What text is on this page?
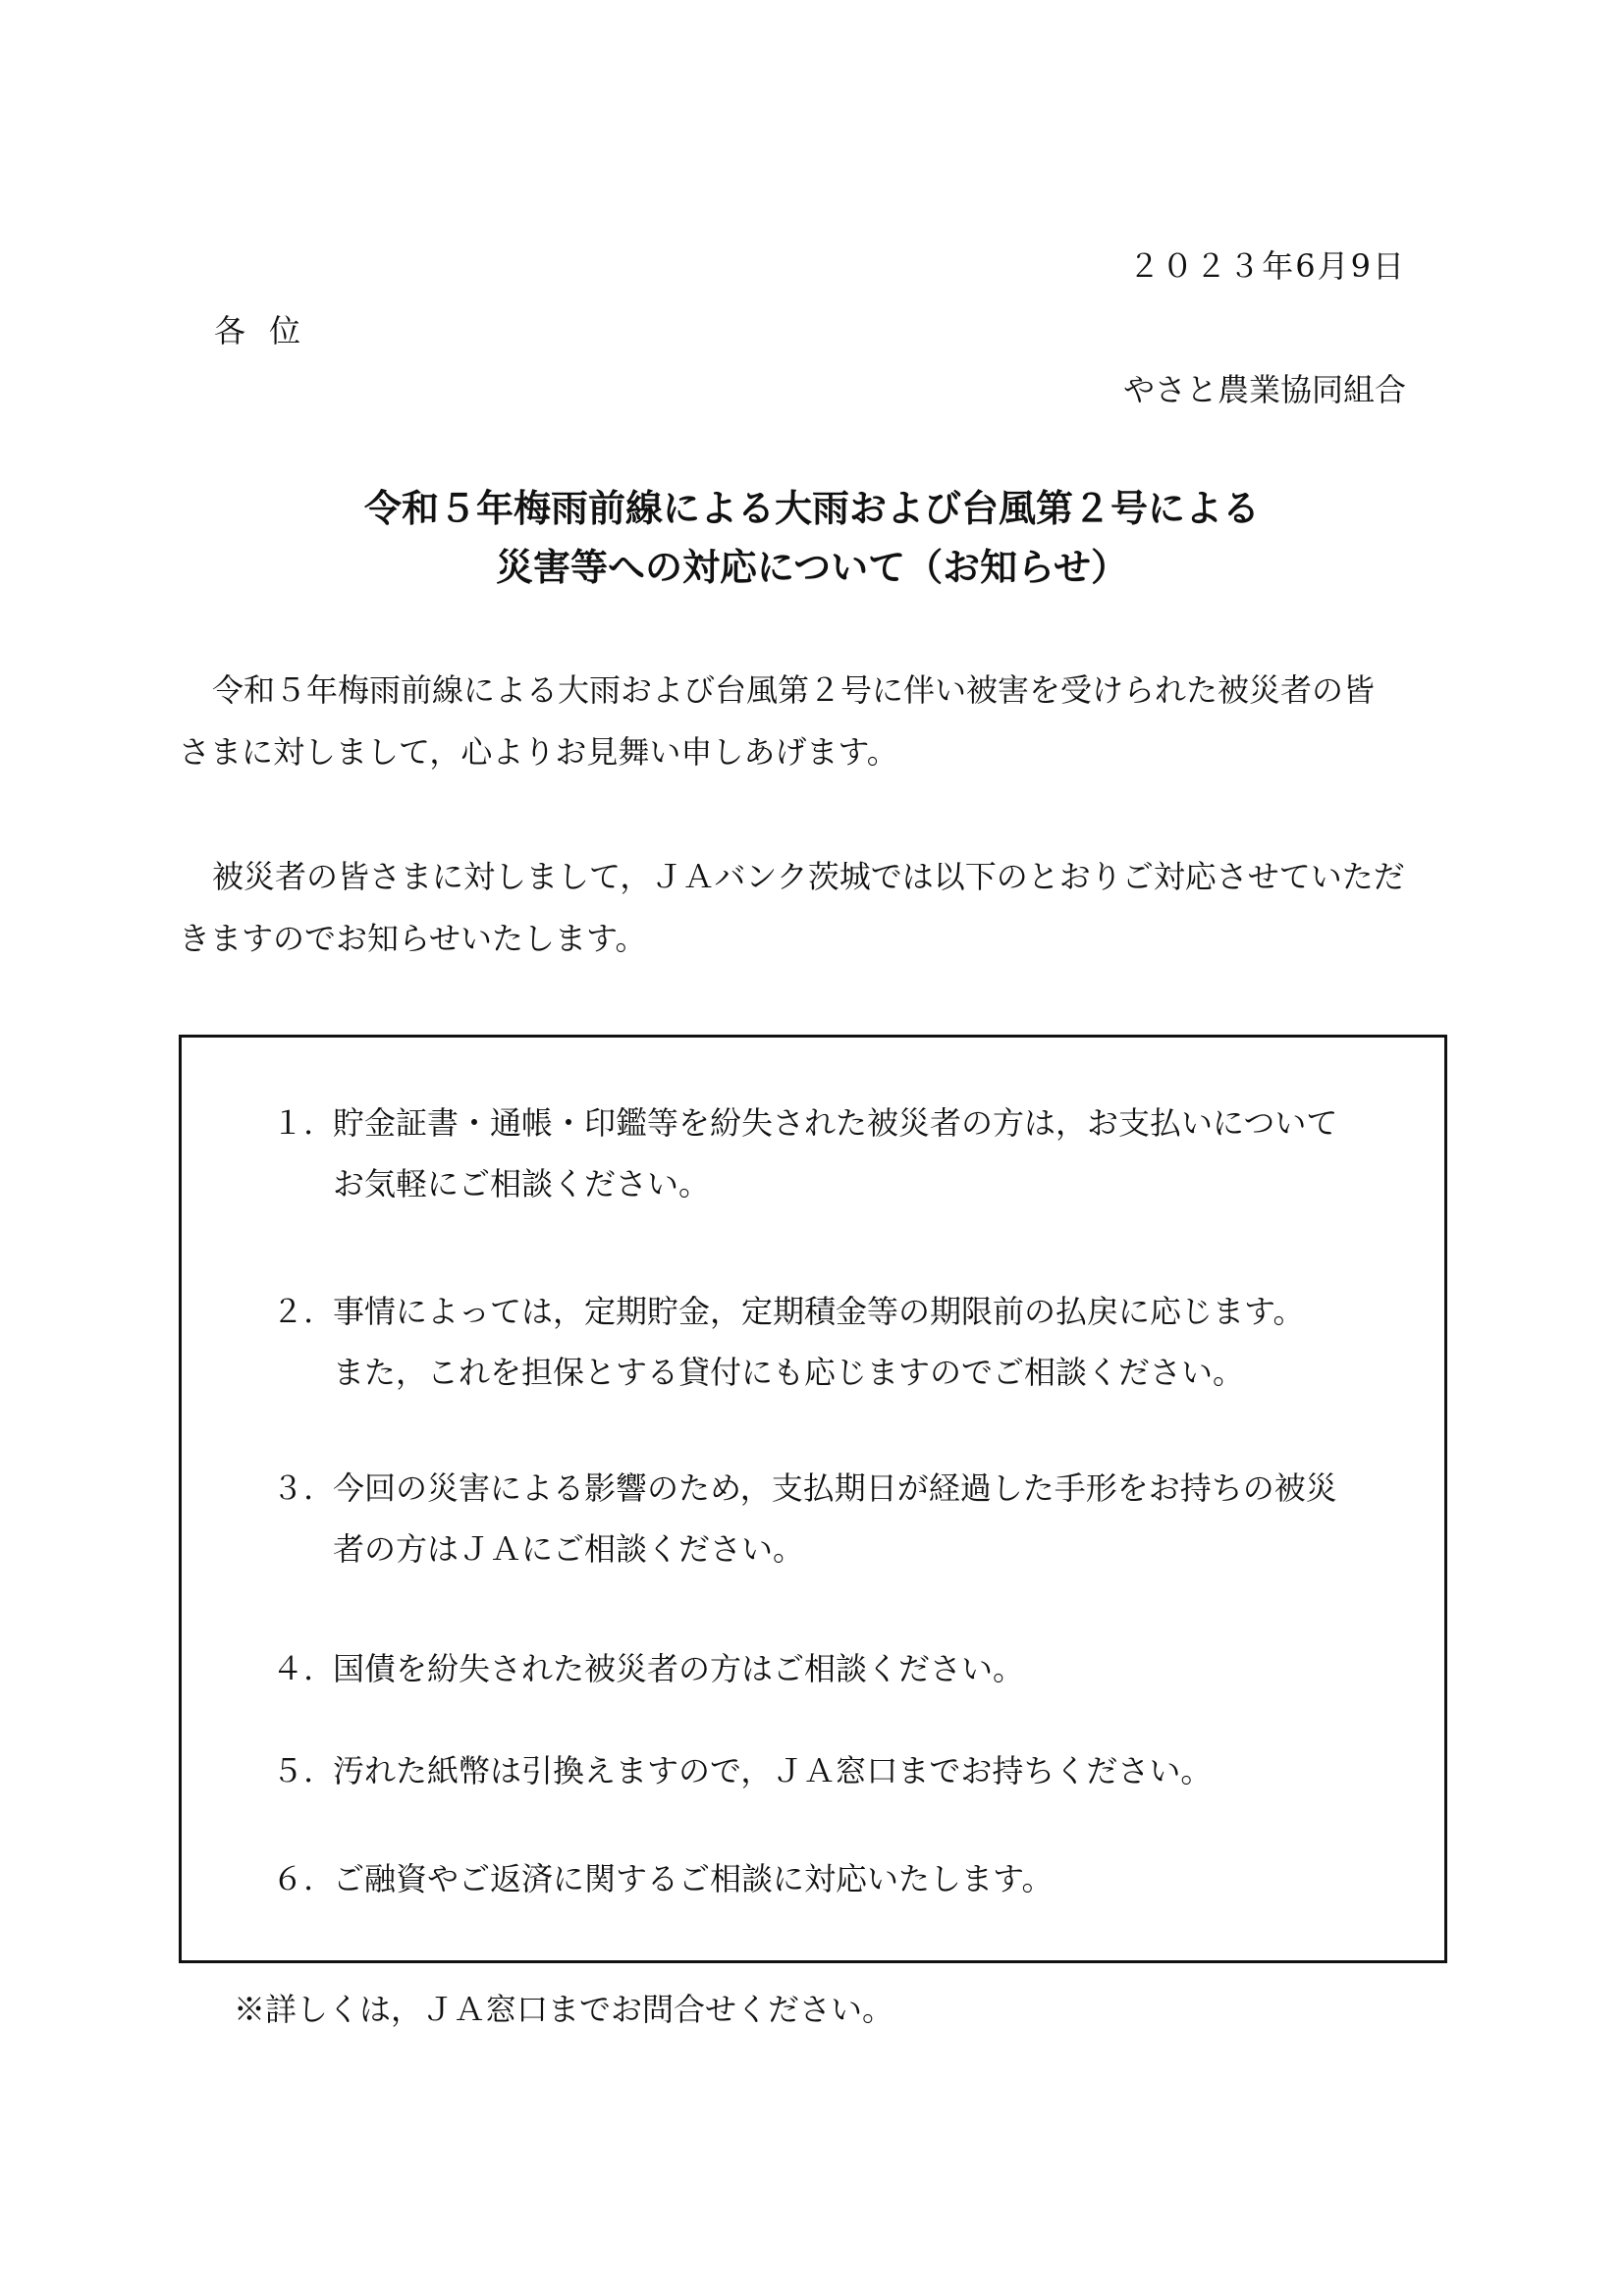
２０２３年6月9日
各位
やさと農業協同組合
令和５年梅雨前線による大雨および台風第２号による
災害等への対応について（お知らせ）
令和５年梅雨前線による大雨および台風第２号に伴い被害を受けられた被災者の皆
さまに対しまして，心よりお見舞い申しあげます。
被災者の皆さまに対しまして，ＪＡバンク茨城では以下のとおりご対応させていただ
きますのでお知らせいたします。
１. 貯金証書・通帳・印鑑等を紛失された被災者の方は，お支払いについて
お気軽にご相談ください。
２. 事情によっては，定期貯金，定期積金等の期限前の払戻に応じます。
また，これを担保とする貸付にも応じますのでご相談ください。
３. 今回の災害による影響のため，支払期日が経過した手形をお持ちの被災
者の方はＪＡにご相談ください。
４. 国債を紛失された被災者の方はご相談ください。
５. 汚れた紙幣は引換えますので，ＪＡ窓口までお持ちください。
６. ご融資やご返済に関するご相談に対応いたします。
※詳しくは，ＪＡ窓口までお問合せください。
